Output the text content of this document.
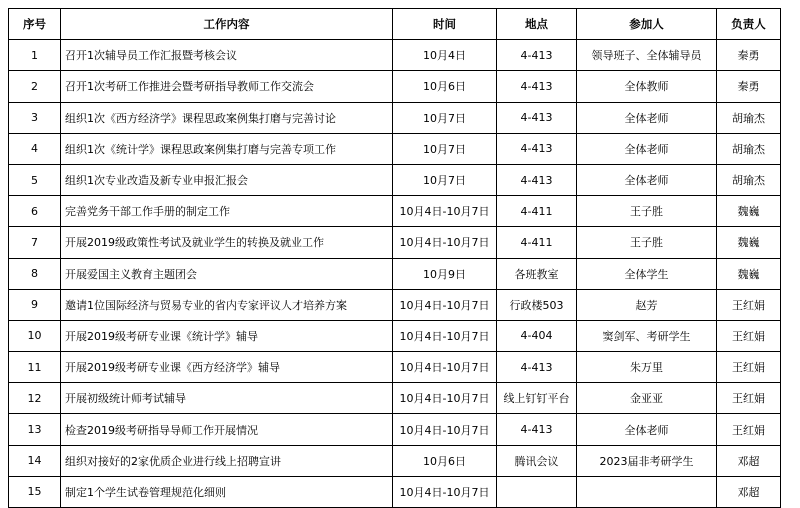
序号	工作内容	时间	地点	参加人	负责人
1	召开1次辅导员工作汇报暨考核会议	10月4日	4-413	领导班子、全体辅导员	秦勇
2	召开1次考研工作推进会暨考研指导教师工作交流会	10月6日	4-413	全体教师	秦勇
3	组织1次《西方经济学》课程思政案例集打磨与完善讨论	10月7日	4-413	全体老师	胡瑜杰
4	组织1次《统计学》课程思政案例集打磨与完善专项工作	10月7日	4-413	全体老师	胡瑜杰
5	组织1次专业改造及新专业申报汇报会	10月7日	4-413	全体老师	胡瑜杰
6	完善党务干部工作手册的制定工作	10月4日-10月7日	4-411	王子胜	魏巍
7	开展2019级政策性考试及就业学生的转换及就业工作	10月4日-10月7日	4-411	王子胜	魏巍
8	开展爱国主义教育主题团会	10月9日	各班教室	全体学生	魏巍
9	邀请1位国际经济与贸易专业的省内专家评议人才培养方案	10月4日-10月7日	行政楼503	赵芳	王红娟
10	开展2019级考研专业课《统计学》辅导	10月4日-10月7日	4-404	窦剑军、考研学生	王红娟
11	开展2019级考研专业课《西方经济学》辅导	10月4日-10月7日	4-413	朱万里	王红娟
12	开展初级统计师考试辅导	10月4日-10月7日	线上钉钉平台	金亚亚	王红娟
13	检查2019级考研指导导师工作开展情况	10月4日-10月7日	4-413	全体老师	王红娟
14	组织对接好的2家优质企业进行线上招聘宣讲	10月6日	腾讯会议	2023届非考研学生	邓超
15	制定1个学生试卷管理规范化细则	10月4日-10月7日			邓超
